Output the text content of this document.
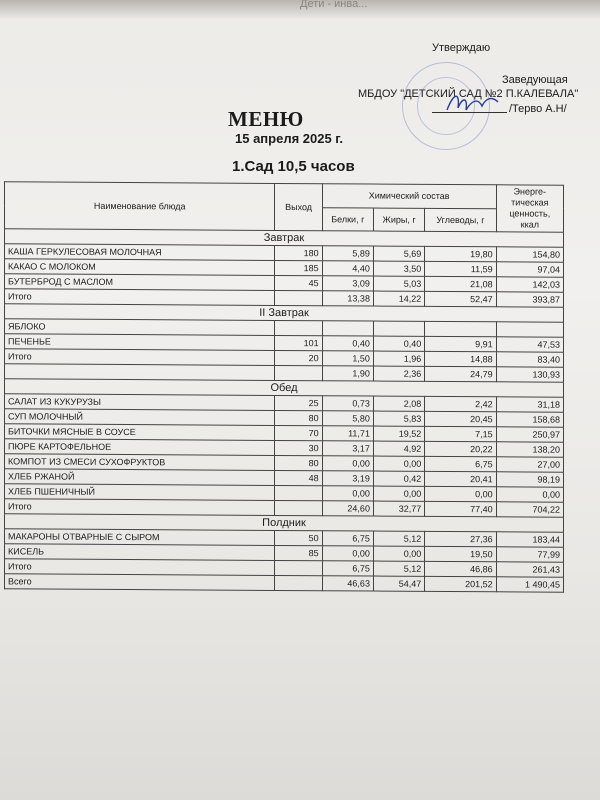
Дети - инва...
Утверждаю
Заведующая
МБДОУ "ДЕТСКИЙ САД №2 П.КАЛЕВАЛА"
/Терво А.Н/
МЕНЮ
15 апреля 2025 г.
1.Сад 10,5 часов
Наименование блюда	Выход	Химический состав			Энерге-тическая ценность, ккал
		Белки, г	Жиры, г	Углеводы, г	
Завтрак					
КАША ГЕРКУЛЕСОВАЯ МОЛОЧНАЯ	180	5,89	5,69	19,80	154,80
КАКАО С МОЛОКОМ	185	4,40	3,50	11,59	97,04
БУТЕРБРОД С МАСЛОМ	45	3,09	5,03	21,08	142,03
Итого		13,38	14,22	52,47	393,87
II Завтрак					
ЯБЛОКО					
ПЕЧЕНЬЕ	101	0,40	0,40	9,91	47,53
Итого	20	1,50	1,96	14,88	83,40
		1,90	2,36	24,79	130,93
Обед					
САЛАТ ИЗ КУКУРУЗЫ	25	0,73	2,08	2,42	31,18
СУП МОЛОЧНЫЙ	80	5,80	5,83	20,45	158,68
БИТОЧКИ МЯСНЫЕ В СОУСЕ	70	11,71	19,52	7,15	250,97
ПЮРЕ КАРТОФЕЛЬНОЕ	30	3,17	4,92	20,22	138,20
КОМПОТ ИЗ СМЕСИ СУХОФРУКТОВ	80	0,00	0,00	6,75	27,00
ХЛЕБ РЖАНОЙ	48	3,19	0,42	20,41	98,19
ХЛЕБ ПШЕНИЧНЫЙ		0,00	0,00	0,00	0,00
Итого		24,60	32,77	77,40	704,22
Полдник					
МАКАРОНЫ ОТВАРНЫЕ С СЫРОМ	50	6,75	5,12	27,36	183,44
КИСЕЛЬ	85	0,00	0,00	19,50	77,99
Итого		6,75	5,12	46,86	261,43
Всего		46,63	54,47	201,52	1 490,45
